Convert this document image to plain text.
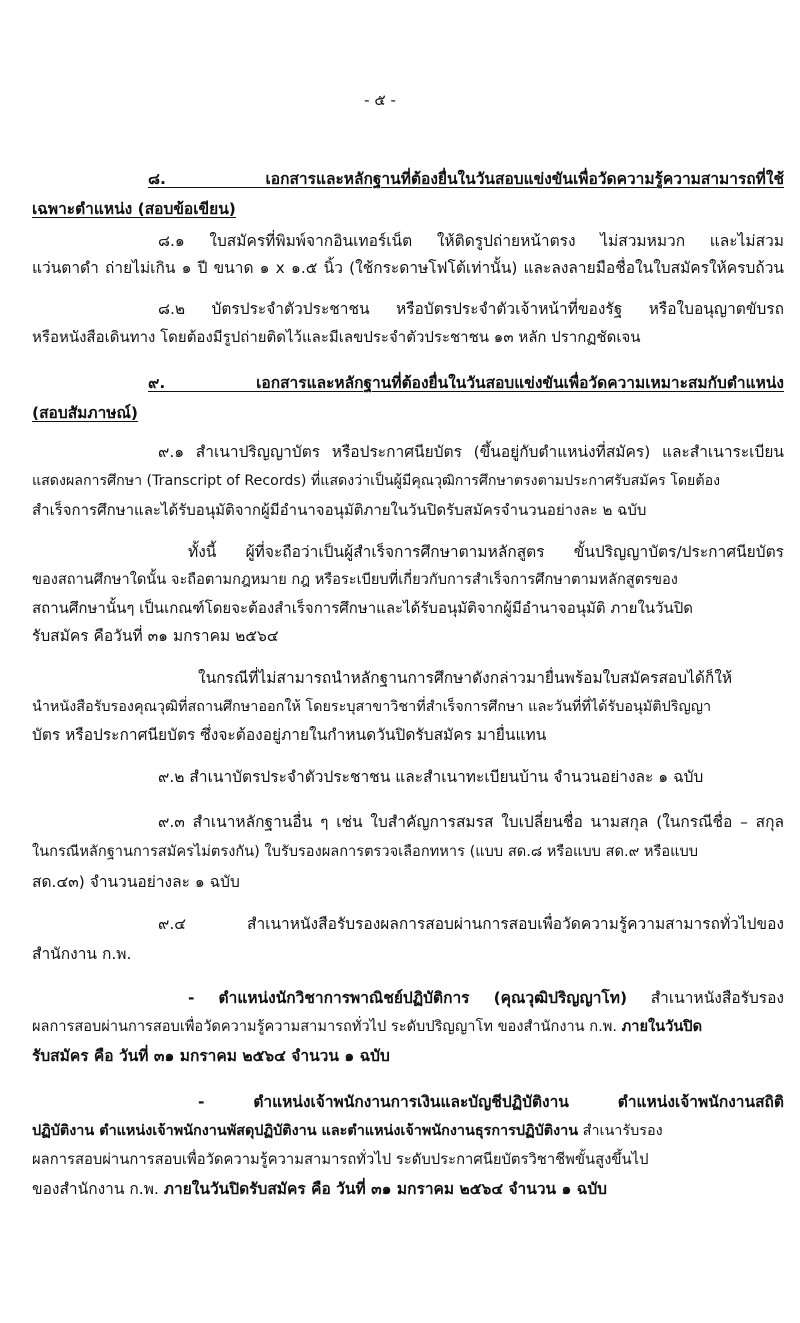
- ๕ -
๘. เอกสารและหลักฐานที่ต้องยื่นในวันสอบแข่งขันเพื่อวัดความรู้ความสามารถที่ใช้
เฉพาะตำแหน่ง (สอบข้อเขียน)
๘.๑ ใบสมัครที่พิมพ์จากอินเทอร์เน็ต ให้ติดรูปถ่ายหน้าตรง ไม่สวมหมวก และไม่สวม
แว่นตาดำ ถ่ายไม่เกิน ๑ ปี ขนาด ๑ x ๑.๕ นิ้ว (ใช้กระดาษโฟโต้เท่านั้น) และลงลายมือชื่อในใบสมัครให้ครบถ้วน
๘.๒ บัตรประจำตัวประชาชน หรือบัตรประจำตัวเจ้าหน้าที่ของรัฐ หรือใบอนุญาตขับรถ
หรือหนังสือเดินทาง โดยต้องมีรูปถ่ายติดไว้และมีเลขประจำตัวประชาชน ๑๓ หลัก ปรากฏชัดเจน
๙. เอกสารและหลักฐานที่ต้องยื่นในวันสอบแข่งขันเพื่อวัดความเหมาะสมกับตำแหน่ง
(สอบสัมภาษณ์)
๙.๑ สำเนาปริญญาบัตร หรือประกาศนียบัตร (ขึ้นอยู่กับตำแหน่งที่สมัคร) และสำเนาระเบียน
แสดงผลการศึกษา (Transcript of Records) ที่แสดงว่าเป็นผู้มีคุณวุฒิการศึกษาตรงตามประกาศรับสมัคร โดยต้อง
สำเร็จการศึกษาและได้รับอนุมัติจากผู้มีอำนาจอนุมัติภายในวันปิดรับสมัครจำนวนอย่างละ ๒ ฉบับ
ทั้งนี้ ผู้ที่จะถือว่าเป็นผู้สำเร็จการศึกษาตามหลักสูตร ขั้นปริญญาบัตร/ประกาศนียบัตร
ของสถานศึกษาใดนั้น จะถือตามกฎหมาย กฎ หรือระเบียบที่เกี่ยวกับการสำเร็จการศึกษาตามหลักสูตรของ
สถานศึกษานั้นๆ เป็นเกณฑ์โดยจะต้องสำเร็จการศึกษาและได้รับอนุมัติจากผู้มีอำนาจอนุมัติ ภายในวันปิด
รับสมัคร คือวันที่ ๓๑ มกราคม ๒๕๖๔
ในกรณีที่ไม่สามารถนำหลักฐานการศึกษาดังกล่าวมายื่นพร้อมใบสมัครสอบได้ก็ให้
นำหนังสือรับรองคุณวุฒิที่สถานศึกษาออกให้ โดยระบุสาขาวิชาที่สำเร็จการศึกษา และวันที่ที่ได้รับอนุมัติปริญญา
บัตร หรือประกาศนียบัตร ซึ่งจะต้องอยู่ภายในกำหนดวันปิดรับสมัคร มายื่นแทน
๙.๒ สำเนาบัตรประจำตัวประชาชน และสำเนาทะเบียนบ้าน จำนวนอย่างละ ๑ ฉบับ
๙.๓ สำเนาหลักฐานอื่น ๆ เช่น ใบสำคัญการสมรส ใบเปลี่ยนชื่อ นามสกุล (ในกรณีชื่อ – สกุล
ในกรณีหลักฐานการสมัครไม่ตรงกัน) ใบรับรองผลการตรวจเลือกทหาร (แบบ สด.๘ หรือแบบ สด.๙ หรือแบบ
สด.๔๓) จำนวนอย่างละ ๑ ฉบับ
๙.๔ สำเนาหนังสือรับรองผลการสอบผ่านการสอบเพื่อวัดความรู้ความสามารถทั่วไปของ
สำนักงาน ก.พ.
- ตำแหน่งนักวิชาการพาณิชย์ปฏิบัติการ (คุณวุฒิปริญญาโท) สำเนาหนังสือรับรอง
ผลการสอบผ่านการสอบเพื่อวัดความรู้ความสามารถทั่วไป ระดับปริญญาโท ของสำนักงาน ก.พ. ภายในวันปิด
รับสมัคร คือ วันที่ ๓๑ มกราคม ๒๕๖๔ จำนวน ๑ ฉบับ
- ตำแหน่งเจ้าพนักงานการเงินและบัญชีปฏิบัติงาน ตำแหน่งเจ้าพนักงานสถิติ
ปฏิบัติงาน ตำแหน่งเจ้าพนักงานพัสดุปฏิบัติงาน และตำแหน่งเจ้าพนักงานธุรการปฏิบัติงาน สำเนารับรอง
ผลการสอบผ่านการสอบเพื่อวัดความรู้ความสามารถทั่วไป ระดับประกาศนียบัตรวิชาชีพขั้นสูงขึ้นไป
ของสำนักงาน ก.พ. ภายในวันปิดรับสมัคร คือ วันที่ ๓๑ มกราคม ๒๕๖๔ จำนวน ๑ ฉบับ
